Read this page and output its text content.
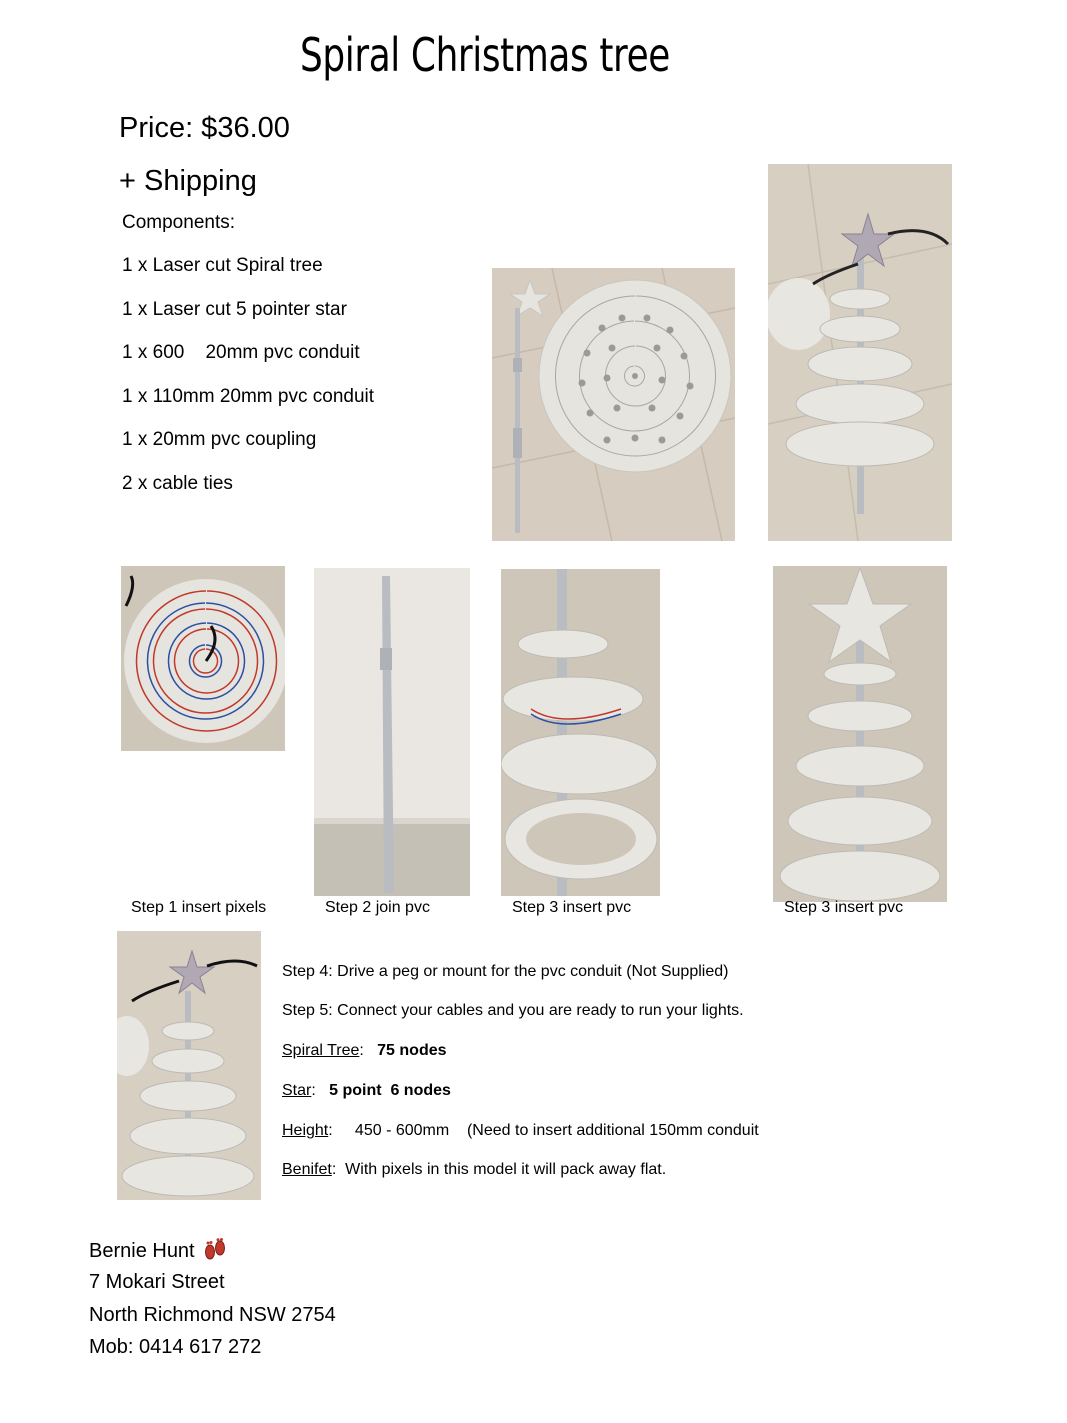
Spiral Christmas tree
Price: $36.00
+ Shipping
Components:
1 x Laser cut Spiral tree
1 x Laser cut 5 pointer star
1 x 600    20mm pvc conduit
1 x 110mm 20mm pvc conduit
1 x 20mm pvc coupling
2 x cable ties
Step 1 insert pixels	Step 2 join pvc	Step 3 insert pvc	Step 3 insert pvc
Step 4: Drive a peg or mount for the pvc conduit (Not Supplied)
Step 5: Connect your cables and you are ready to run your lights.
Spiral Tree:   75 nodes
Star:   5 point  6 nodes
Height:     450 - 600mm    (Need to insert additional 150mm conduit
Benifet:  With pixels in this model it will pack away flat.
Bernie Hunt
7 Mokari Street
North Richmond NSW 2754
Mob: 0414 617 272
